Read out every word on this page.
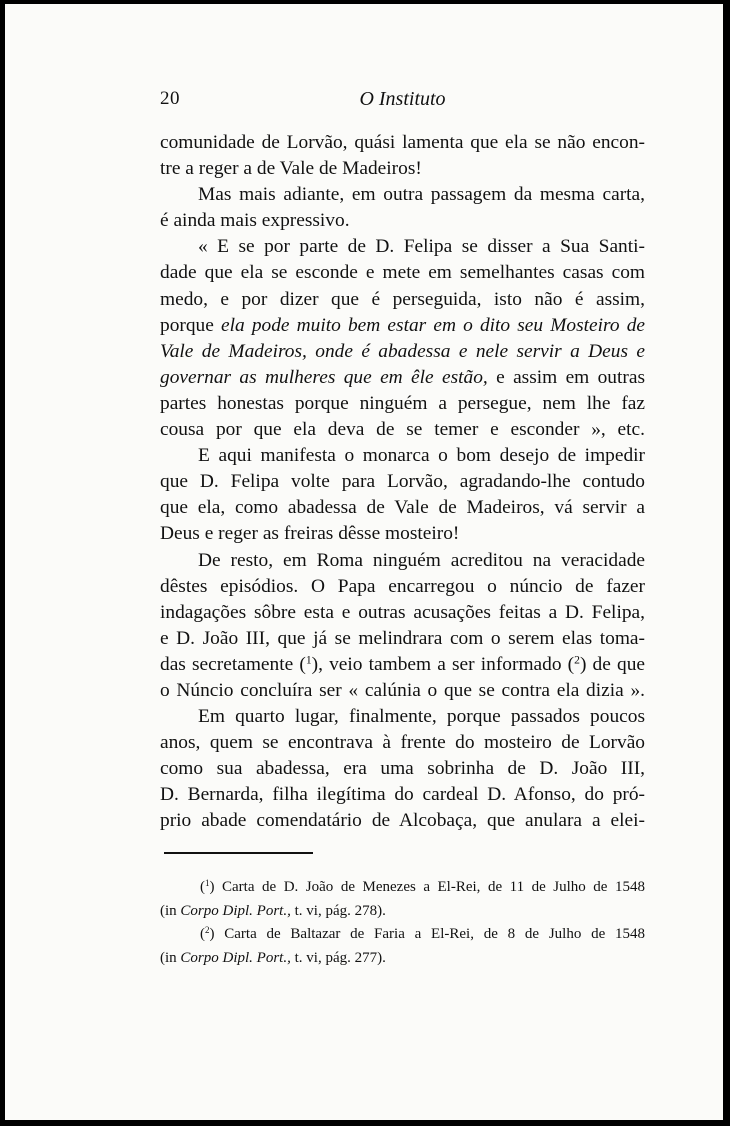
20	O Instituto
comunidade de Lorvão, quási lamenta que ela se não encon-
tre a reger a de Vale de Madeiros!
Mas mais adiante, em outra passagem da mesma carta,
é ainda mais expressivo.
« E se por parte de D. Felipa se disser a Sua Santi-
dade que ela se esconde e mete em semelhantes casas com
medo, e por dizer que é perseguida, isto não é assim,
porque ela pode muito bem estar em o dito seu Mosteiro de
Vale de Madeiros, onde é abadessa e nele servir a Deus e
governar as mulheres que em êle estão, e assim em outras
partes honestas porque ninguém a persegue, nem lhe faz
cousa por que ela deva de se temer e esconder », etc.
E aqui manifesta o monarca o bom desejo de impedir
que D. Felipa volte para Lorvão, agradando-lhe contudo
que ela, como abadessa de Vale de Madeiros, vá servir a
Deus e reger as freiras dêsse mosteiro!
De resto, em Roma ninguém acreditou na veracidade
dêstes episódios. O Papa encarregou o núncio de fazer
indagações sôbre esta e outras acusações feitas a D. Felipa,
e D. João III, que já se melindrara com o serem elas toma-
das secretamente ($^1$), veio tambem a ser informado ($^2$) de que
o Núncio concluíra ser « calúnia o que se contra ela dizia ».
Em quarto lugar, finalmente, porque passados poucos
anos, quem se encontrava à frente do mosteiro de Lorvão
como sua abadessa, era uma sobrinha de D. João III,
D. Bernarda, filha ilegítima do cardeal D. Afonso, do pró-
prio abade comendatário de Alcobaça, que anulara a elei-
($^1$) Carta de D. João de Menezes a El-Rei, de 11 de Julho de 1548
(in Corpo Dipl. Port., t. vi, pág. 278).
($^2$) Carta de Baltazar de Faria a El-Rei, de 8 de Julho de 1548
(in Corpo Dipl. Port., t. vi, pág. 277).
